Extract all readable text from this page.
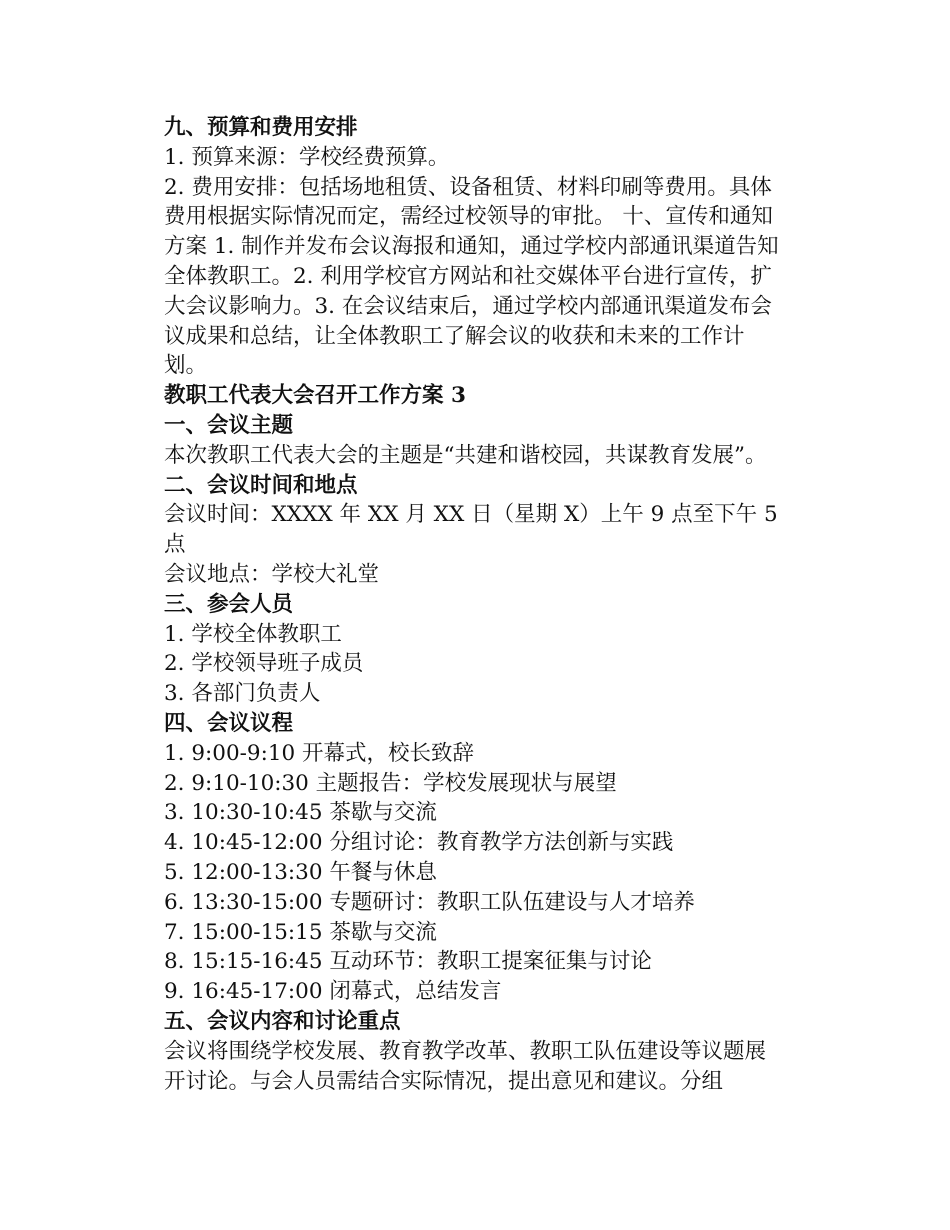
九、预算和费用安排
1. 预算来源：学校经费预算。
2. 费用安排：包括场地租赁、设备租赁、材料印刷等费用。具体费用根据实际情况而定，需经过校领导的审批。 十、宣传和通知方案 1. 制作并发布会议海报和通知，通过学校内部通讯渠道告知全体教职工。2. 利用学校官方网站和社交媒体平台进行宣传，扩大会议影响力。3. 在会议结束后，通过学校内部通讯渠道发布会议成果和总结，让全体教职工了解会议的收获和未来的工作计划。
教职工代表大会召开工作方案 3
一、会议主题
本次教职工代表大会的主题是“共建和谐校园，共谋教育发展”。
二、会议时间和地点
会议时间：XXXX 年 XX 月 XX 日（星期 X）上午 9 点至下午 5 点
会议地点：学校大礼堂
三、参会人员
1. 学校全体教职工
2. 学校领导班子成员
3. 各部门负责人
四、会议议程
1. 9:00-9:10 开幕式，校长致辞
2. 9:10-10:30 主题报告：学校发展现状与展望
3. 10:30-10:45 茶歇与交流
4. 10:45-12:00 分组讨论：教育教学方法创新与实践
5. 12:00-13:30 午餐与休息
6. 13:30-15:00 专题研讨：教职工队伍建设与人才培养
7. 15:00-15:15 茶歇与交流
8. 15:15-16:45 互动环节：教职工提案征集与讨论
9. 16:45-17:00 闭幕式，总结发言
五、会议内容和讨论重点
会议将围绕学校发展、教育教学改革、教职工队伍建设等议题展开讨论。与会人员需结合实际情况，提出意见和建议。分组
